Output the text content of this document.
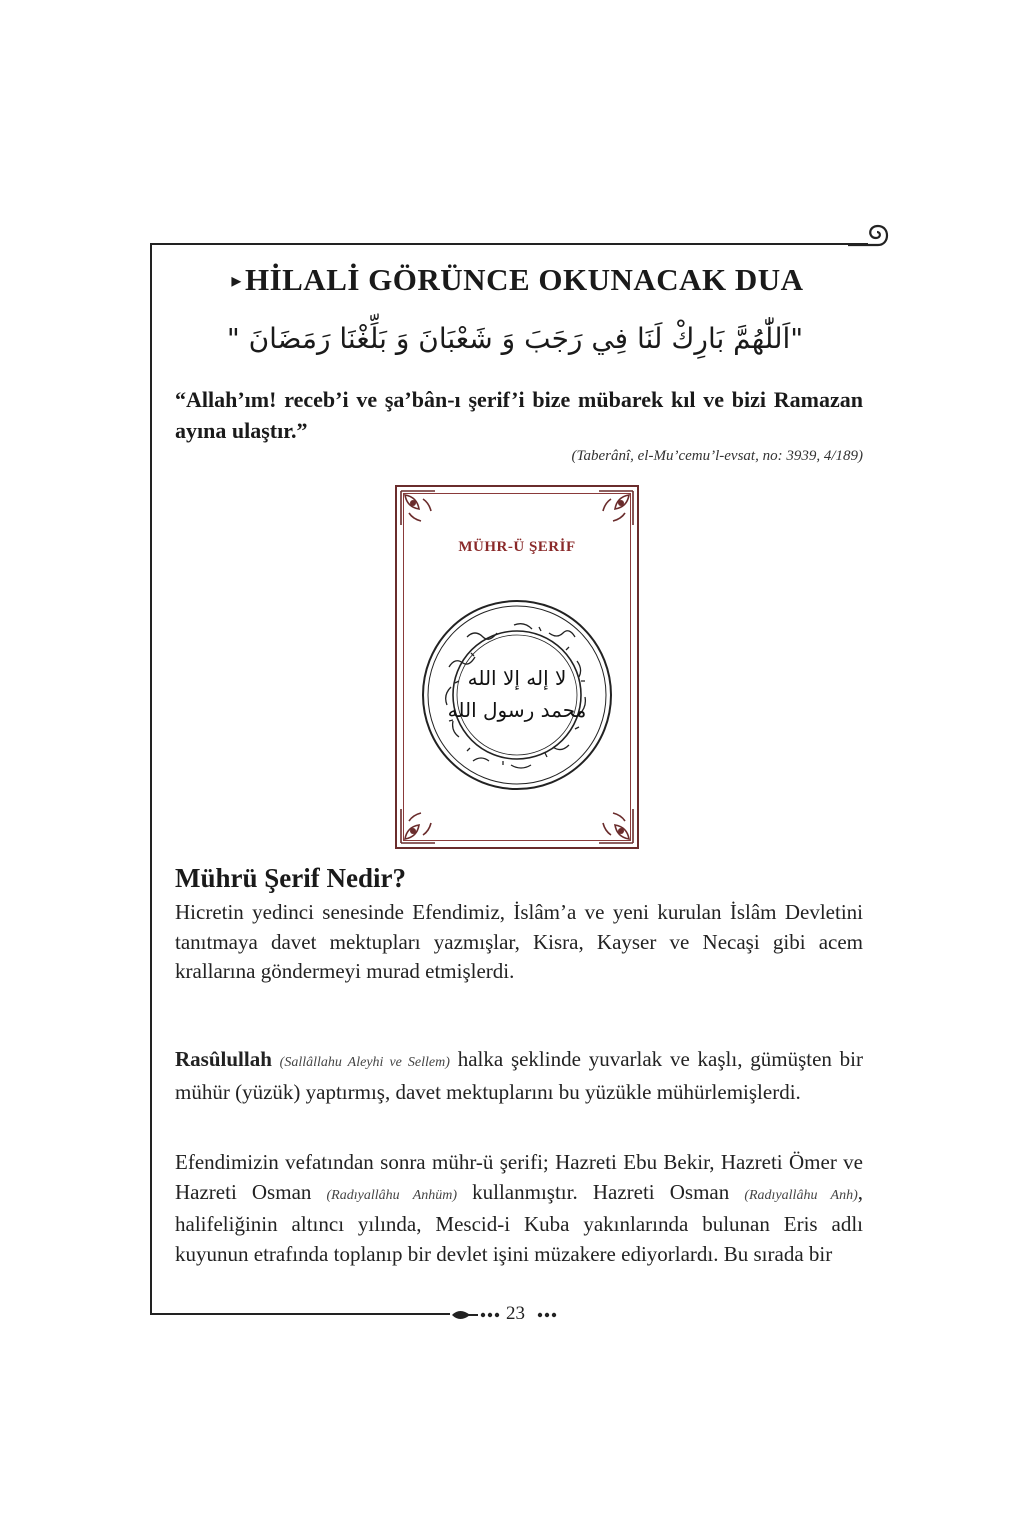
▸HİLALİ GÖRÜNCE OKUNACAK DUA
"اَللّٰهُمَّ بَارِكْ لَنَا فِي رَجَبَ وَ شَعْبَانَ وَ بَلِّغْنَا رَمَضَانَ "
“Allah’ım! receb’i ve şa’bân-ı şerif’i bize mübarek kıl ve bizi Ramazan ayına ulaştır.”
(Taberânî, el-Mu’cemu’l-evsat, no: 3939, 4/189)
MÜHR-Ü ŞERİF
لا إله إلا الله
محمد رسول الله
Mührü Şerif Nedir?
Hicretin yedinci senesinde Efendimiz, İslâm’a ve yeni kurulan İslâm Devletini tanıtmaya davet mektupları yazmışlar, Kisra, Kayser ve Necaşi gibi acem krallarına göndermeyi murad etmişlerdi.
Rasûlullah (Sallâllahu Aleyhi ve Sellem) halka şeklinde yuvarlak ve kaşlı, gümüşten bir mühür (yüzük) yaptırmış, davet mektuplarını bu yüzükle mühürlemişlerdi.
Efendimizin vefatından sonra mühr-ü şerifi; Hazreti Ebu Bekir, Hazreti Ömer ve Hazreti Osman (Radıyallâhu Anhüm) kullanmıştır. Hazreti Osman (Radıyallâhu Anh), halifeliğinin altıncı yılında, Mescid-i Kuba yakınlarında bulunan Eris adlı kuyunun etrafında toplanıp bir devlet işini müzakere ediyorlardı. Bu sırada bir
23
